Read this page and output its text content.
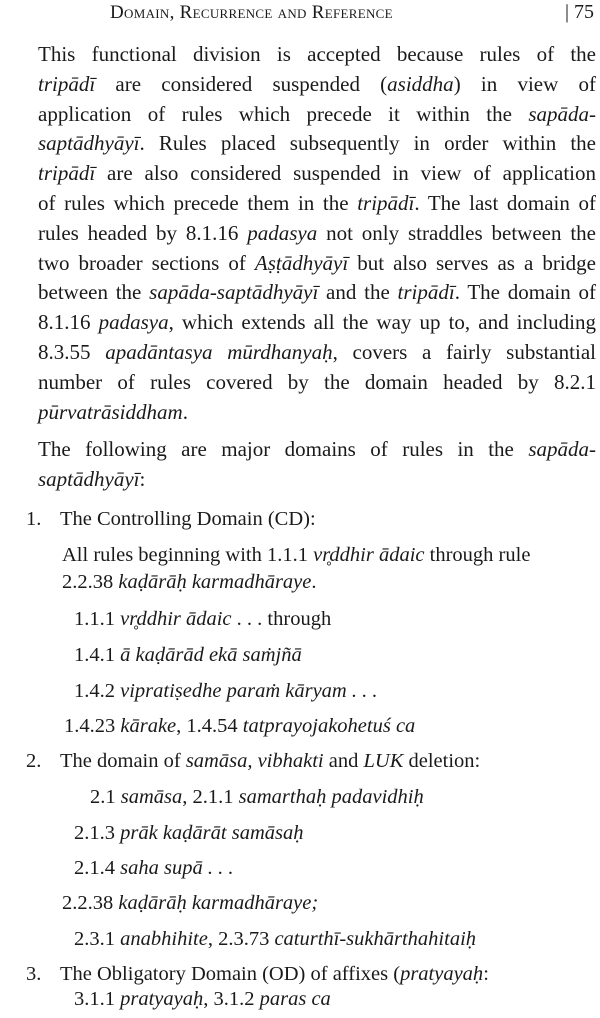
Domain, Recurrence and Reference	| 75

This functional division is accepted because rules of the
tripādī are considered suspended (asiddha) in view of
application of rules which precede it within the sapāda-
saptādhyāyī. Rules placed subsequently in order within the
tripādī are also considered suspended in view of application
of rules which precede them in the tripādī. The last domain of
rules headed by 8.1.16 padasya not only straddles between the
two broader sections of Aṣṭādhyāyī but also serves as a bridge
between the sapāda-saptādhyāyī and the tripādī. The domain of
8.1.16 padasya, which extends all the way up to, and including
8.3.55 apadāntasya mūrdhanyaḥ, covers a fairly substantial
number of rules covered by the domain headed by 8.2.1
pūrvatrāsiddham.

The following are major domains of rules in the sapāda-
saptādhyāyī:

1. The Controlling Domain (CD):
All rules beginning with 1.1.1 vr̥ddhir ādaic through rule
2.2.38 kaḍārāḥ karmadhāraye.
1.1.1 vr̥ddhir ādaic . . . through
1.4.1 ā kaḍārād ekā saṁjñā
1.4.2 vipratiṣedhe paraṁ kāryam . . .
1.4.23 kārake, 1.4.54 tatprayojakohetuś ca
2. The domain of samāsa, vibhakti and LUK deletion:
2.1 samāsa, 2.1.1 samarthaḥ padavidhiḥ
2.1.3 prāk kaḍārāt samāsaḥ
2.1.4 saha supā . . .
2.2.38 kaḍārāḥ karmadhāraye;
2.3.1 anabhihite, 2.3.73 caturthī-sukhārthahitaiḥ
3. The Obligatory Domain (OD) of affixes (pratyayaḥ:
3.1.1 pratyayaḥ, 3.1.2 paras ca
